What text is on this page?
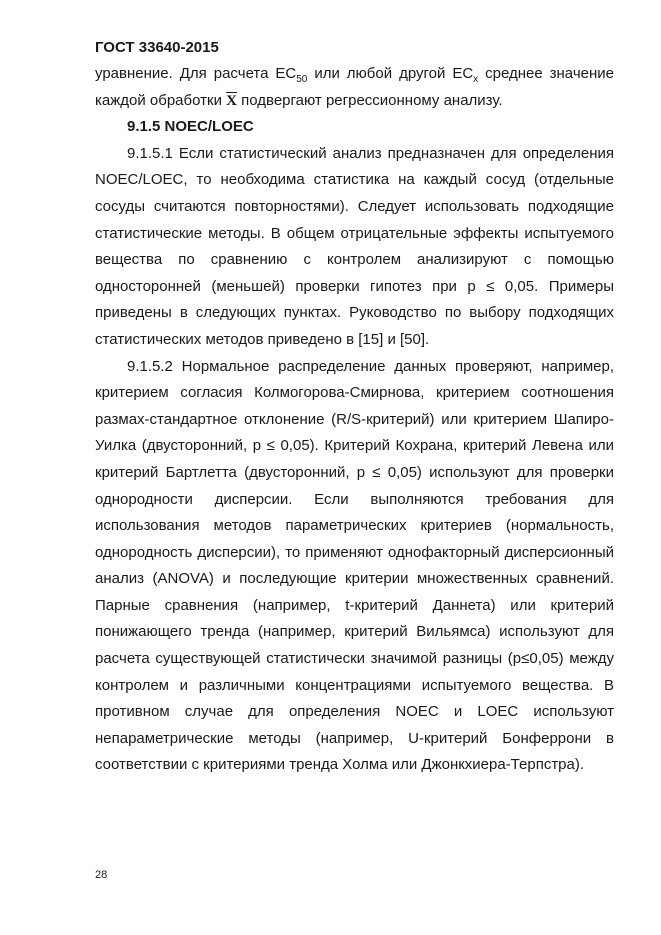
ГОСТ 33640-2015

уравнение. Для расчета $EC_{50}$ или любой другой $EC_x$ среднее значение каждой обработки $\overline{X}$ подвергают регрессионному анализу.

9.1.5 NOEC/LOEC

9.1.5.1 Если статистический анализ предназначен для определения NOEC/LOEC, то необходима статистика на каждый сосуд (отдельные сосуды считаются повторностями). Следует использовать подходящие статистические методы. В общем отрицательные эффекты испытуемого вещества по сравнению с контролем анализируют с помощью односторонней (меньшей) проверки гипотез при p ≤ 0,05. Примеры приведены в следующих пунктах. Руководство по выбору подходящих статистических методов приведено в [15] и [50].

9.1.5.2 Нормальное распределение данных проверяют, например, критерием согласия Колмогорова-Смирнова, критерием соотношения размах-стандартное отклонение (R/S-критерий) или критерием Шапиро-Уилка (двусторонний, p ≤ 0,05). Критерий Кохрана, критерий Левена или критерий Бартлетта (двусторонний, p ≤ 0,05) используют для проверки однородности дисперсии. Если выполняются требования для использования методов параметрических критериев (нормальность, однородность дисперсии), то применяют однофакторный дисперсионный анализ (ANOVA) и последующие критерии множественных сравнений. Парные сравнения (например, t-критерий Даннета) или критерий понижающего тренда (например, критерий Вильямса) используют для расчета существующей статистически значимой разницы (p≤0,05) между контролем и различными концентрациями испытуемого вещества. В противном случае для определения NOEC и LOEC используют непараметрические методы (например, U-критерий Бонферрони в соответствии с критериями тренда Холма или Джонкхиера-Терпстра).

28
